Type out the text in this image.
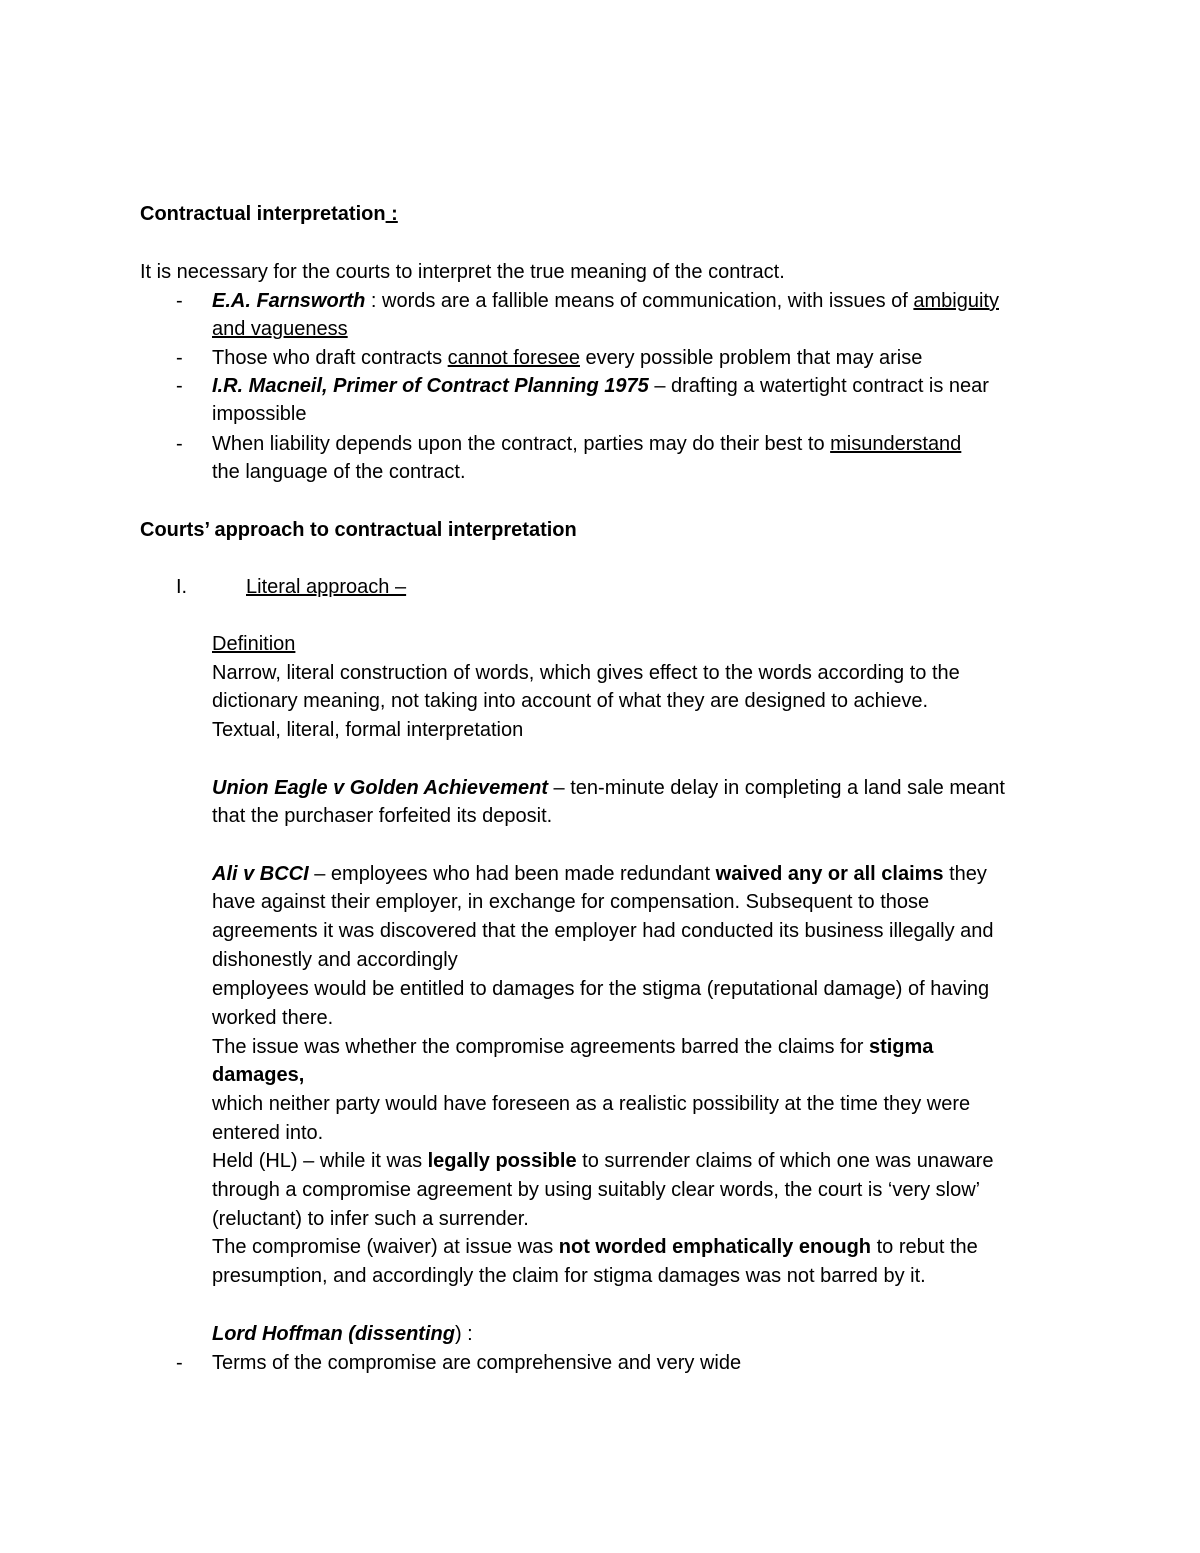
Contractual interpretation :
It is necessary for the courts to interpret the true meaning of the contract.
- E.A. Farnsworth : words are a fallible means of communication, with issues of ambiguity
and vagueness
- Those who draft contracts cannot foresee every possible problem that may arise
- I.R. Macneil, Primer of Contract Planning 1975 – drafting a watertight contract is near
impossible
- When liability depends upon the contract, parties may do their best to misunderstand
the language of the contract.
Courts’ approach to contractual interpretation
I.	Literal approach –
Definition
Narrow, literal construction of words, which gives effect to the words according to the
dictionary meaning, not taking into account of what they are designed to achieve.
Textual, literal, formal interpretation
Union Eagle v Golden Achievement – ten-minute delay in completing a land sale meant
that the purchaser forfeited its deposit.
Ali v BCCI – employees who had been made redundant waived any or all claims they
have against their employer, in exchange for compensation. Subsequent to those
agreements it was discovered that the employer had conducted its business illegally and
dishonestly and accordingly
employees would be entitled to damages for the stigma (reputational damage) of having
worked there.
The issue was whether the compromise agreements barred the claims for stigma
damages,
which neither party would have foreseen as a realistic possibility at the time they were
entered into.
Held (HL) – while it was legally possible to surrender claims of which one was unaware
through a compromise agreement by using suitably clear words, the court is ‘very slow’
(reluctant) to infer such a surrender.
The compromise (waiver) at issue was not worded emphatically enough to rebut the
presumption, and accordingly the claim for stigma damages was not barred by it.
Lord Hoffman (dissenting) :
- Terms of the compromise are comprehensive and very wide
